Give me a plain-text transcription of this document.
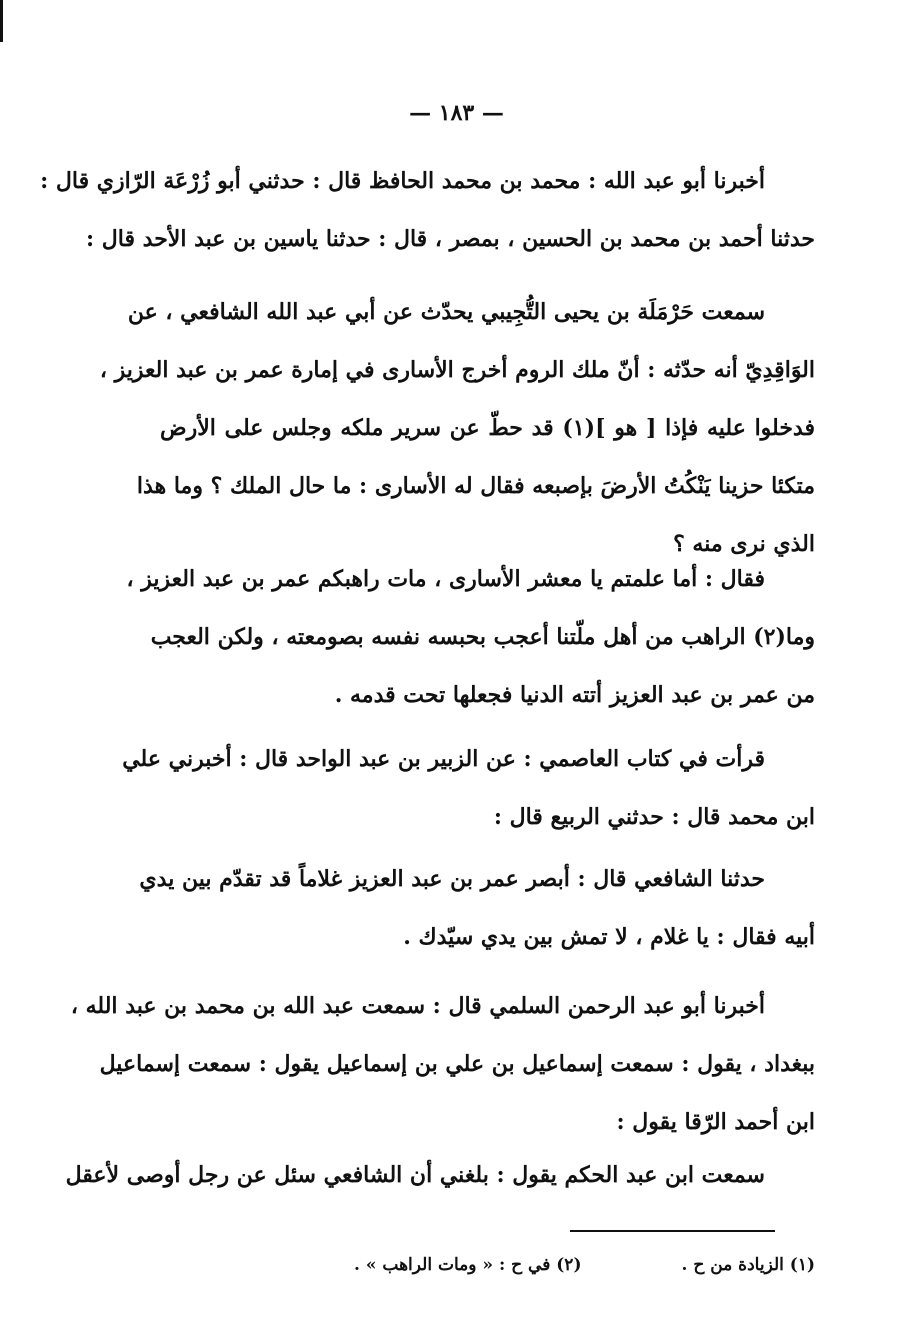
— ١٨٣ —
أخبرنا أبو عبد الله : محمد بن محمد الحافظ قال : حدثني أبو زُرْعَة الرّازي قال :
حدثنا أحمد بن محمد بن الحسين ، بمصر ، قال : حدثنا ياسين بن عبد الأحد قال :
سمعت حَرْمَلَة بن يحيى التُّجِيبي يحدّث عن أبي عبد الله الشافعي ، عن
الوَاقِدِيّ أنه حدّثه : أنّ ملك الروم أخرج الأسارى في إمارة عمر بن عبد العزيز ،
فدخلوا عليه فإذا [ هو ](١) قد حطّ عن سرير ملكه وجلس على الأرض
متكئا حزينا يَنْكُتُ الأرضَ بإصبعه فقال له الأسارى : ما حال الملك ؟ وما هذا
الذي نرى منه ؟
فقال : أما علمتم يا معشر الأسارى ، مات راهبكم عمر بن عبد العزيز ،
وما(٢) الراهب من أهل ملّتنا أعجب بحبسه نفسه بصومعته ، ولكن العجب
من عمر بن عبد العزيز أتته الدنيا فجعلها تحت قدمه .
قرأت في كتاب العاصمي : عن الزبير بن عبد الواحد قال : أخبرني علي
ابن محمد قال : حدثني الربيع قال :
حدثنا الشافعي قال : أبصر عمر بن عبد العزيز غلاماً قد تقدّم بين يدي
أبيه فقال : يا غلام ، لا تمش بين يدي سيّدك .
أخبرنا أبو عبد الرحمن السلمي قال : سمعت عبد الله بن محمد بن عبد الله ،
ببغداد ، يقول : سمعت إسماعيل بن علي بن إسماعيل يقول : سمعت إسماعيل
ابن أحمد الرّقا يقول :
سمعت ابن عبد الحكم يقول : بلغني أن الشافعي سئل عن رجل أوصى لأعقل
(١) الزيادة من ح .
(٢) في ح : « ومات الراهب » .
